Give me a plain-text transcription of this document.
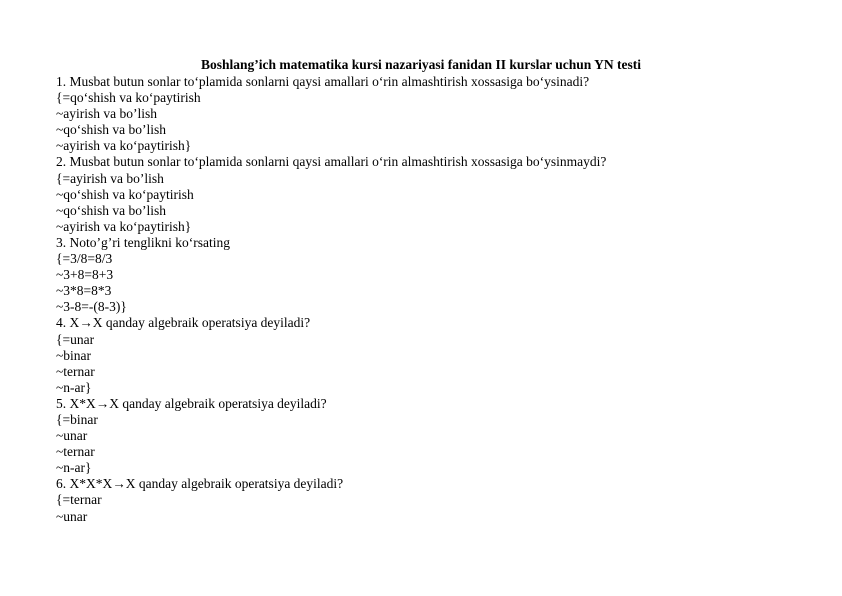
Boshlang’ich matematika kursi nazariyasi fanidan II kurslar uchun YN testi
1. Musbat butun sonlar toʻplamida sonlarni qaysi amallari oʻrin almashtirish xossasiga boʻysinadi?
{=qoʻshish va koʻpaytirish
~ayirish va bo’lish
~qoʻshish va bo’lish
~ayirish va koʻpaytirish}
2. Musbat butun sonlar toʻplamida sonlarni qaysi amallari oʻrin almashtirish xossasiga boʻysinmaydi?
{=ayirish va bo’lish
~qoʻshish va koʻpaytirish
~qoʻshish va bo’lish
~ayirish va koʻpaytirish}
3. Noto’g’ri tenglikni koʻrsating
{=3/8=8/3
~3+8=8+3
~3*8=8*3
~3-8=-(8-3)}
4. X→X qanday algebraik operatsiya deyiladi?
{=unar
~binar
~ternar
~n-ar}
5. X*X→X qanday algebraik operatsiya deyiladi?
{=binar
~unar
~ternar
~n-ar}
6. X*X*X→X qanday algebraik operatsiya deyiladi?
{=ternar
~unar
